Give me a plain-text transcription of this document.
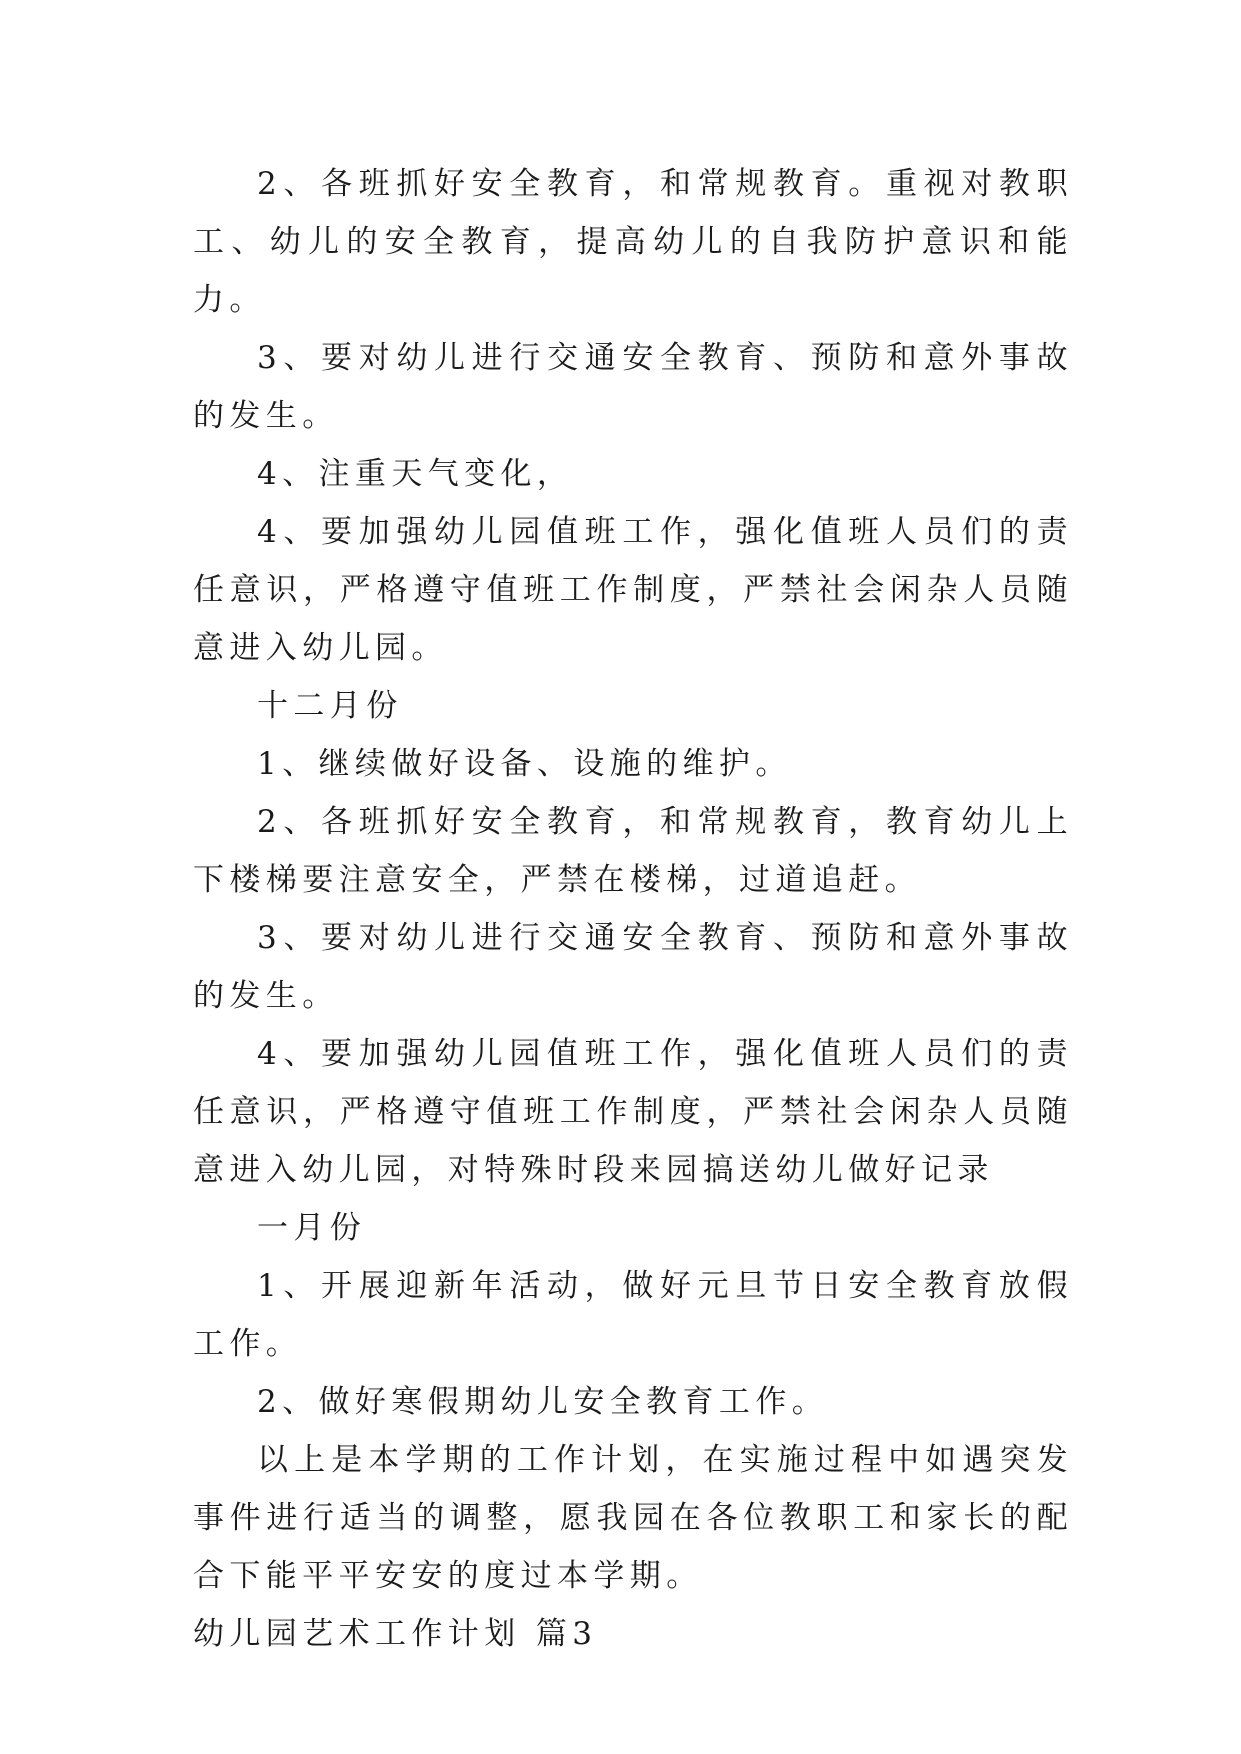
2、各班抓好安全教育，和常规教育。重视对教职工、幼儿的安全教育，提高幼儿的自我防护意识和能力。

3、要对幼儿进行交通安全教育、预防和意外事故的发生。

4、注重天气变化，

4、要加强幼儿园值班工作，强化值班人员们的责任意识，严格遵守值班工作制度，严禁社会闲杂人员随意进入幼儿园。

十二月份

1、继续做好设备、设施的维护。

2、各班抓好安全教育，和常规教育，教育幼儿上下楼梯要注意安全，严禁在楼梯，过道追赶。

3、要对幼儿进行交通安全教育、预防和意外事故的发生。

4、要加强幼儿园值班工作，强化值班人员们的责任意识，严格遵守值班工作制度，严禁社会闲杂人员随意进入幼儿园，对特殊时段来园搞送幼儿做好记录

一月份

1、开展迎新年活动，做好元旦节日安全教育放假工作。

2、做好寒假期幼儿安全教育工作。

以上是本学期的工作计划，在实施过程中如遇突发事件进行适当的调整，愿我园在各位教职工和家长的配合下能平平安安的度过本学期。

幼儿园艺术工作计划 篇3
